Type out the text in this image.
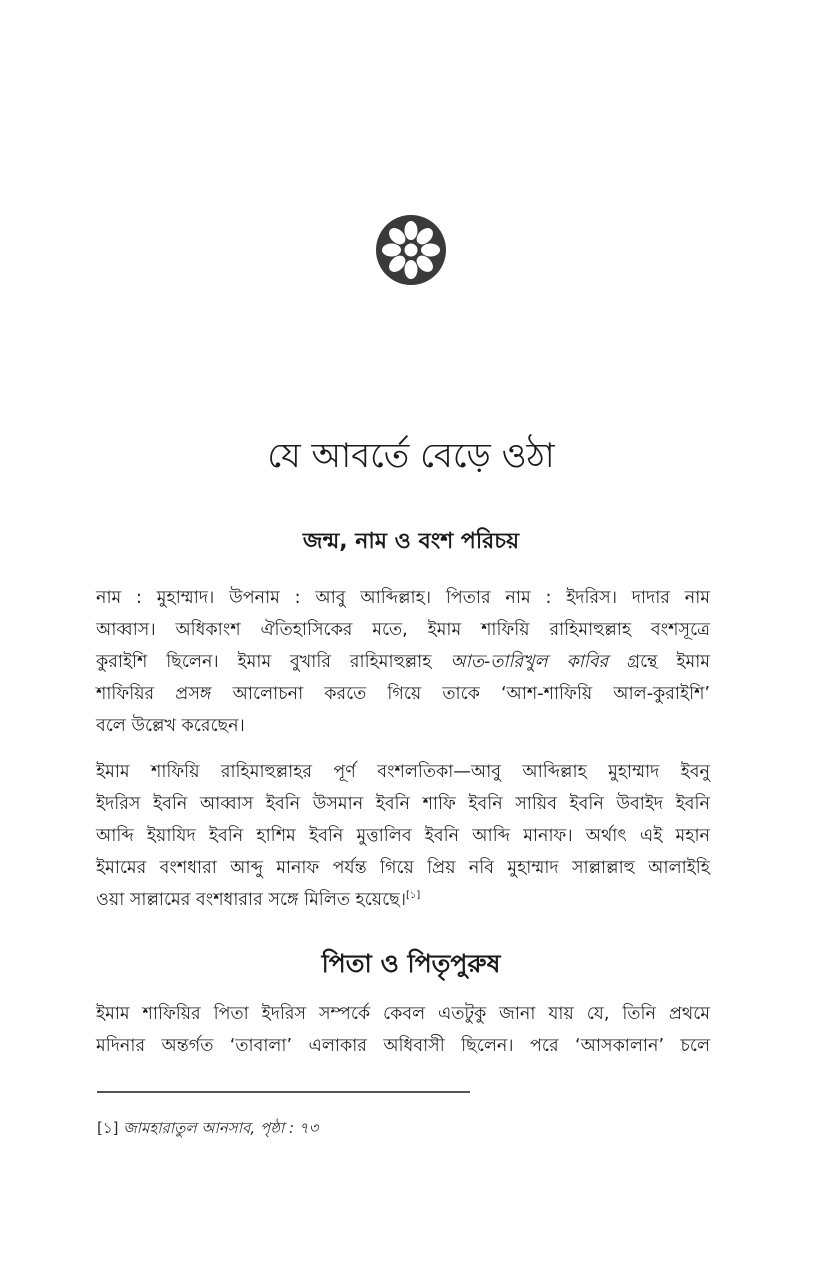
যে আবর্তে বেড়ে ওঠা
জন্ম, নাম ও বংশ পরিচয়

নাম : মুহাম্মাদ। উপনাম : আবু আব্দিল্লাহ। পিতার নাম : ইদরিস। দাদার নাম
আব্বাস। অধিকাংশ ঐতিহাসিকের মতে, ইমাম শাফিয়ি রাহিমাহুল্লাহ বংশসূত্রে
কুরাইশি ছিলেন। ইমাম বুখারি রাহিমাহুল্লাহ আত-তারিখুল কাবির গ্রন্থে ইমাম
শাফিয়ির প্রসঙ্গ আলোচনা করতে গিয়ে তাকে ‘আশ-শাফিয়ি আল-কুরাইশি’
বলে উল্লেখ করেছেন।

ইমাম শাফিয়ি রাহিমাহুল্লাহর পূর্ণ বংশলতিকা—আবু আব্দিল্লাহ মুহাম্মাদ ইবনু
ইদরিস ইবনি আব্বাস ইবনি উসমান ইবনি শাফি ইবনি সায়িব ইবনি উবাইদ ইবনি
আব্দি ইয়াযিদ ইবনি হাশিম ইবনি মুত্তালিব ইবনি আব্দি মানাফ। অর্থাৎ এই মহান
ইমামের বংশধারা আব্দু মানাফ পর্যন্ত গিয়ে প্রিয় নবি মুহাম্মাদ সাল্লাল্লাহু আলাইহি
ওয়া সাল্লামের বংশধারার সঙ্গে মিলিত হয়েছে।[১]

পিতা ও পিতৃপুরুষ

ইমাম শাফিয়ির পিতা ইদরিস সম্পর্কে কেবল এতটুকু জানা যায় যে, তিনি প্রথমে
মদিনার অন্তর্গত ‘তাবালা’ এলাকার অধিবাসী ছিলেন। পরে ‘আসকালান’ চলে

[১] জামহারাতুল আনসাব, পৃষ্ঠা : ৭৩
